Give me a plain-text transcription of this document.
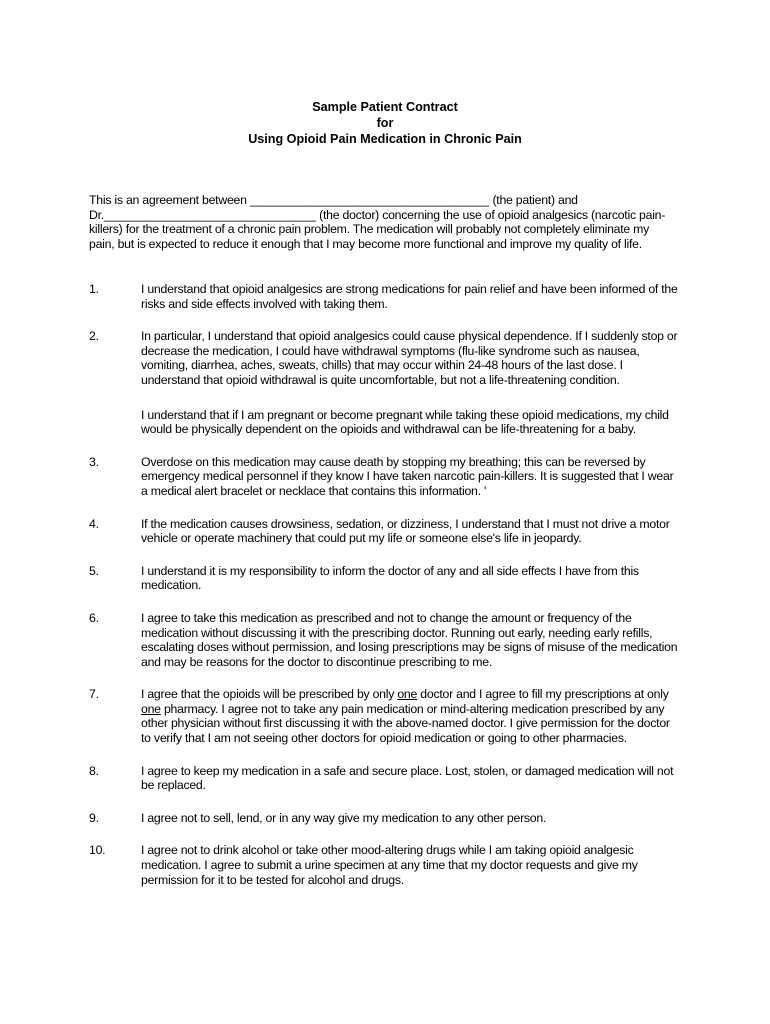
Sample Patient Contract
for
Using Opioid Pain Medication in Chronic Pain
This is an agreement between ___________________________________ (the patient) and Dr._______________________________ (the doctor) concerning the use of opioid analgesics (narcotic pain-killers) for the treatment of a chronic pain problem. The medication will probably not completely eliminate my pain, but is expected to reduce it enough that I may become more functional and improve my quality of life.
1.	I understand that opioid analgesics are strong medications for pain relief and have been informed of the risks and side effects involved with taking them.
2.	In particular, I understand that opioid analgesics could cause physical dependence. If I suddenly stop or decrease the medication, I could have withdrawal symptoms (flu-like syndrome such as nausea, vomiting, diarrhea, aches, sweats, chills) that may occur within 24-48 hours of the last dose. I understand that opioid withdrawal is quite uncomfortable, but not a life-threatening condition.
I understand that if I am pregnant or become pregnant while taking these opioid medications, my child would be physically dependent on the opioids and withdrawal can be life-threatening for a baby.
3.	Overdose on this medication may cause death by stopping my breathing; this can be reversed by emergency medical personnel if they know I have taken narcotic pain-killers. It is suggested that I wear a medical alert bracelet or necklace that contains this information. '
4.	If the medication causes drowsiness, sedation, or dizziness, I understand that I must not drive a motor vehicle or operate machinery that could put my life or someone else's life in jeopardy.
5.	I understand it is my responsibility to inform the doctor of any and all side effects I have from this medication.
6.	I agree to take this medication as prescribed and not to change the amount or frequency of the medication without discussing it with the prescribing doctor. Running out early, needing early refills, escalating doses without permission, and losing prescriptions may be signs of misuse of the medication and may be reasons for the doctor to discontinue prescribing to me.
7.	I agree that the opioids will be prescribed by only one doctor and I agree to fill my prescriptions at only one pharmacy. I agree not to take any pain medication or mind-altering medication prescribed by any other physician without first discussing it with the above-named doctor. I give permission for the doctor to verify that I am not seeing other doctors for opioid medication or going to other pharmacies.
8.	I agree to keep my medication in a safe and secure place. Lost, stolen, or damaged medication will not be replaced.
9.	I agree not to sell, lend, or in any way give my medication to any other person.
10.	I agree not to drink alcohol or take other mood-altering drugs while I am taking opioid analgesic medication. I agree to submit a urine specimen at any time that my doctor requests and give my permission for it to be tested for alcohol and drugs.
